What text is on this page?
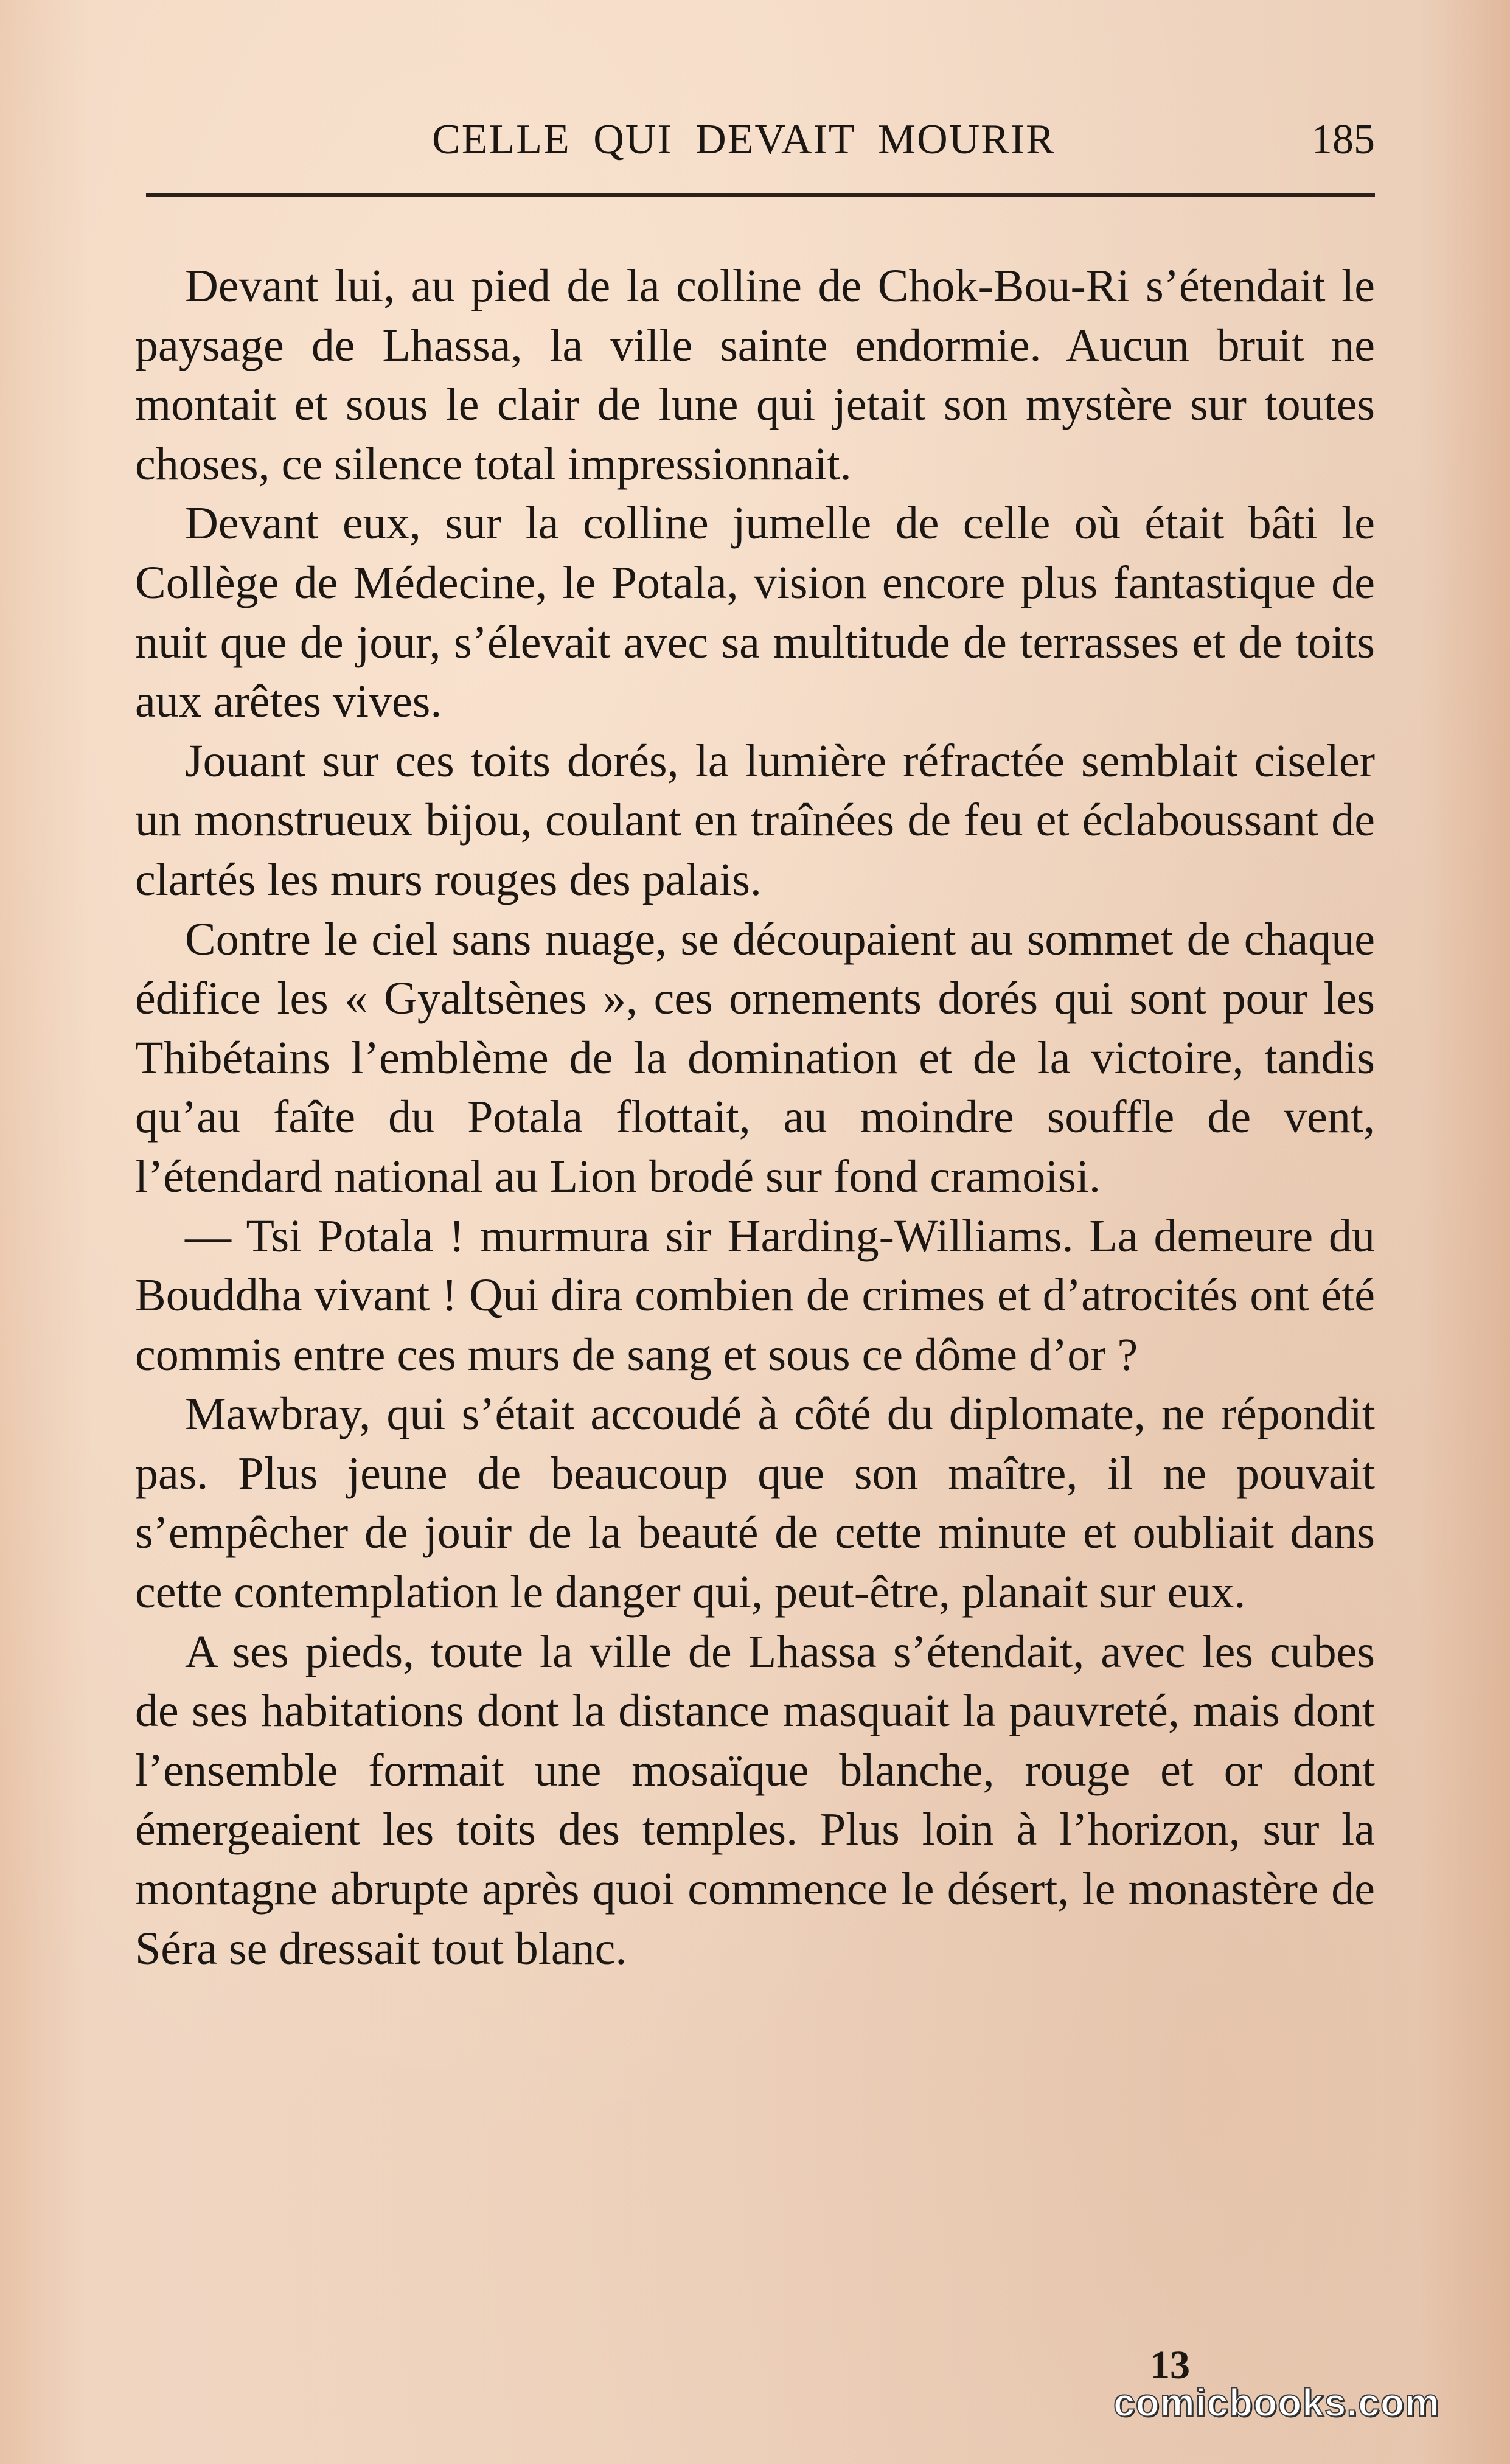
CELLE QUI DEVAIT MOURIR	185

Devant lui, au pied de la colline de Chok-Bou-Ri s’étendait le paysage de Lhassa, la ville sainte endormie. Aucun bruit ne montait et sous le clair de lune qui jetait son mystère sur toutes choses, ce silence total impressionnait.

Devant eux, sur la colline jumelle de celle où était bâti le Collège de Médecine, le Potala, vision encore plus fantastique de nuit que de jour, s’élevait avec sa multitude de terrasses et de toits aux arêtes vives.

Jouant sur ces toits dorés, la lumière réfractée semblait ciseler un monstrueux bijou, coulant en traînées de feu et éclaboussant de clartés les murs rouges des palais.

Contre le ciel sans nuage, se découpaient au sommet de chaque édifice les « Gyaltsènes », ces ornements dorés qui sont pour les Thibétains l’emblème de la domination et de la victoire, tandis qu’au faîte du Potala flottait, au moindre souffle de vent, l’étendard national au Lion brodé sur fond cramoisi.

— Tsi Potala ! murmura sir Harding-Williams. La demeure du Bouddha vivant ! Qui dira combien de crimes et d’atrocités ont été commis entre ces murs de sang et sous ce dôme d’or ?

Mawbray, qui s’était accoudé à côté du diplomate, ne répondit pas. Plus jeune de beaucoup que son maître, il ne pouvait s’empêcher de jouir de la beauté de cette minute et oubliait dans cette contemplation le danger qui, peut-être, planait sur eux.

A ses pieds, toute la ville de Lhassa s’étendait, avec les cubes de ses habitations dont la distance masquait la pauvreté, mais dont l’ensemble formait une mosaïque blanche, rouge et or dont émergeaient les toits des temples. Plus loin à l’horizon, sur la montagne abrupte après quoi commence le désert, le monastère de Séra se dressait tout blanc.

13
comicbooks.com
